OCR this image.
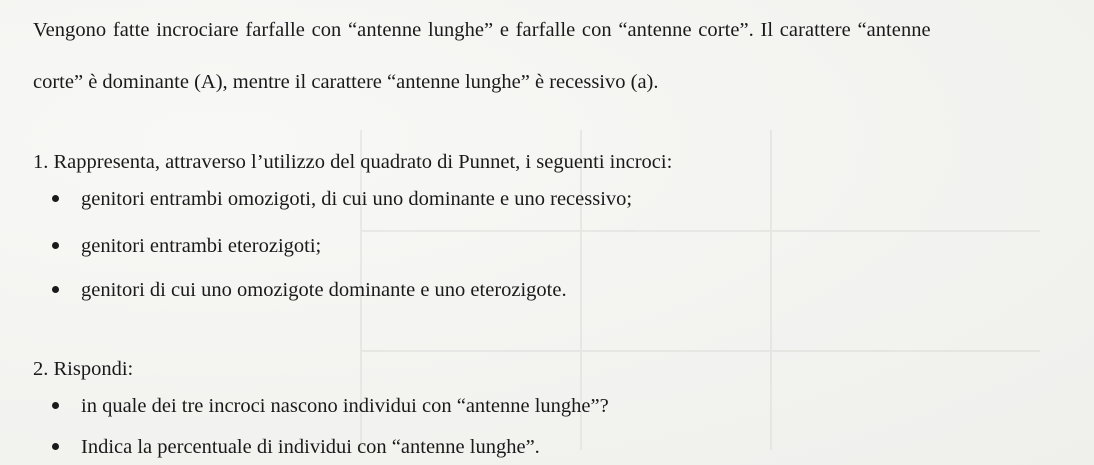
Vengono fatte incrociare farfalle con “antenne lunghe” e farfalle con “antenne corte”. Il carattere “antenne
corte” è dominante (A), mentre il carattere “antenne lunghe” è recessivo (a).
1. Rappresenta, attraverso l’utilizzo del quadrato di Punnet, i seguenti incroci:
genitori entrambi omozigoti, di cui uno dominante e uno recessivo;
genitori entrambi eterozigoti;
genitori di cui uno omozigote dominante e uno eterozigote.
2. Rispondi:
in quale dei tre incroci nascono individui con “antenne lunghe”?
Indica la percentuale di individui con “antenne lunghe”.
